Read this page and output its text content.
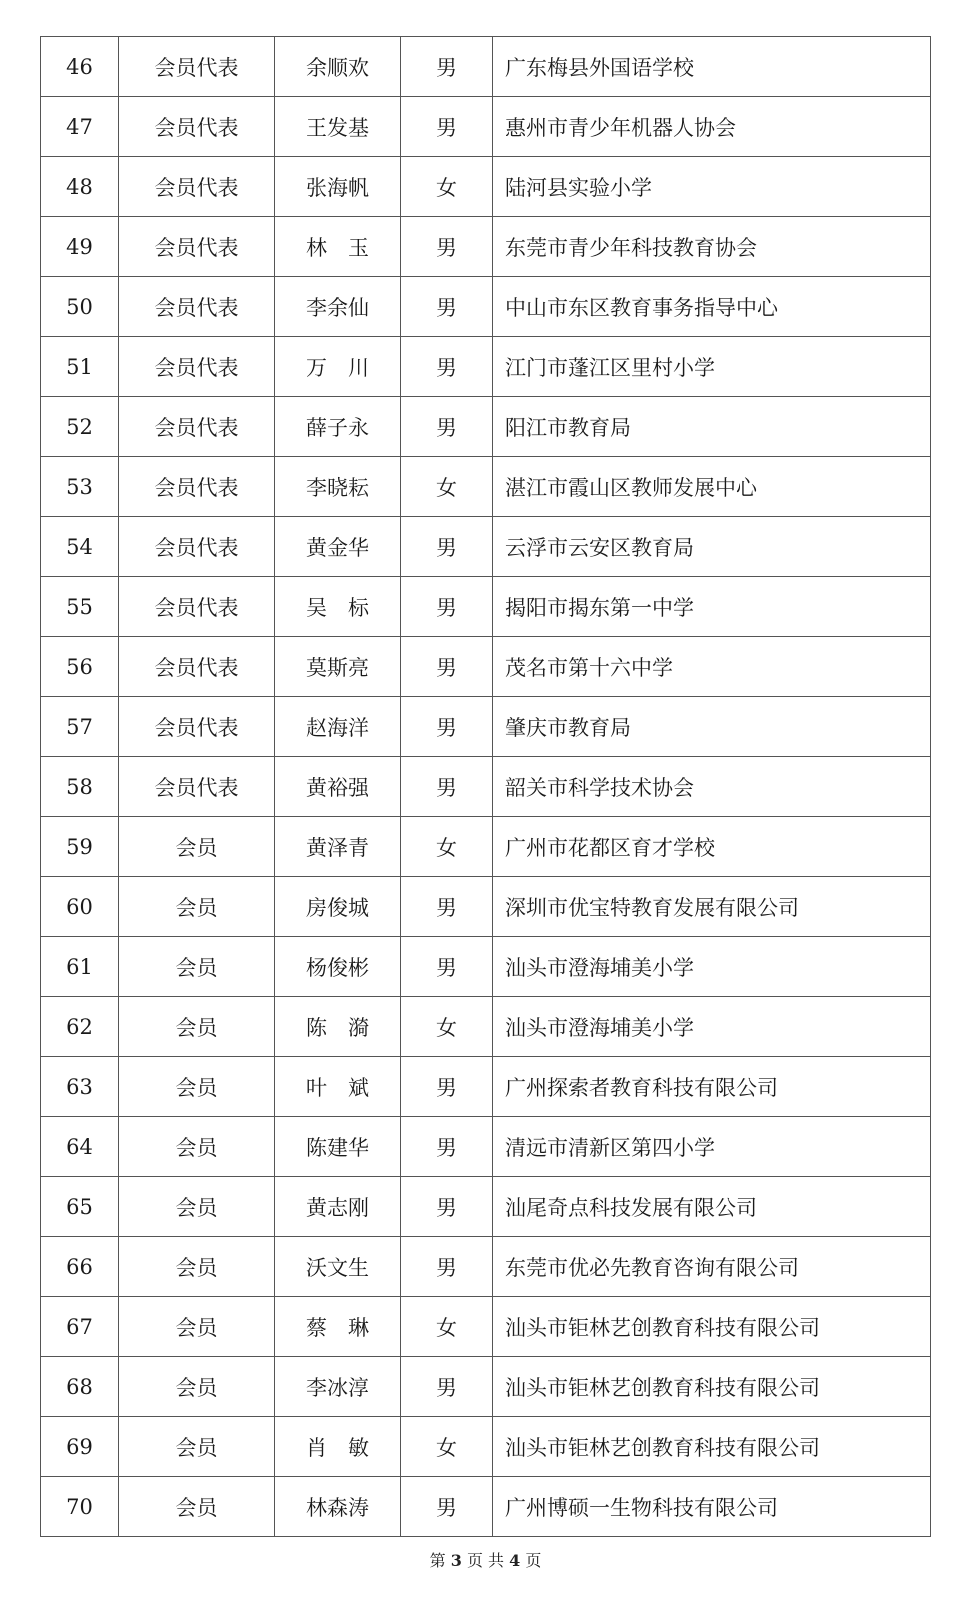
46	会员代表	余顺欢	男	广东梅县外国语学校
47	会员代表	王发基	男	惠州市青少年机器人协会
48	会员代表	张海帆	女	陆河县实验小学
49	会员代表	林　玉	男	东莞市青少年科技教育协会
50	会员代表	李余仙	男	中山市东区教育事务指导中心
51	会员代表	万　川	男	江门市蓬江区里村小学
52	会员代表	薛子永	男	阳江市教育局
53	会员代表	李晓耘	女	湛江市霞山区教师发展中心
54	会员代表	黄金华	男	云浮市云安区教育局
55	会员代表	吴　标	男	揭阳市揭东第一中学
56	会员代表	莫斯亮	男	茂名市第十六中学
57	会员代表	赵海洋	男	肇庆市教育局
58	会员代表	黄裕强	男	韶关市科学技术协会
59	会员	黄泽青	女	广州市花都区育才学校
60	会员	房俊城	男	深圳市优宝特教育发展有限公司
61	会员	杨俊彬	男	汕头市澄海埔美小学
62	会员	陈　漪	女	汕头市澄海埔美小学
63	会员	叶　斌	男	广州探索者教育科技有限公司
64	会员	陈建华	男	清远市清新区第四小学
65	会员	黄志刚	男	汕尾奇点科技发展有限公司
66	会员	沃文生	男	东莞市优必先教育咨询有限公司
67	会员	蔡　琳	女	汕头市钜林艺创教育科技有限公司
68	会员	李冰淳	男	汕头市钜林艺创教育科技有限公司
69	会员	肖　敏	女	汕头市钜林艺创教育科技有限公司
70	会员	林森涛	男	广州博硕一生物科技有限公司
第 3 页 共 4 页
